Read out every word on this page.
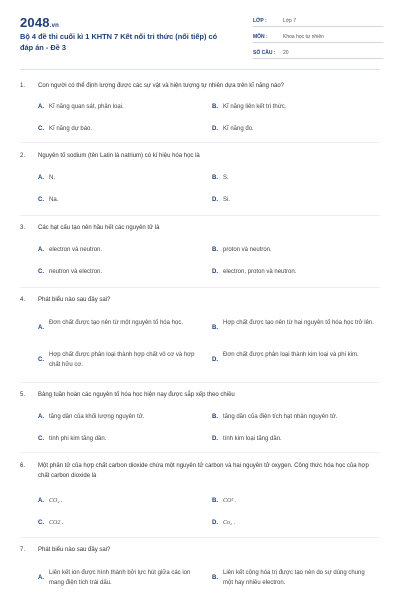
2048.vn
Bộ 4 đề thi cuối kì 1 KHTN 7 Kết nối tri thức (nối tiếp) có đáp án - Đề 3
LỚP :	Lớp 7
MÔN :	Khoa học tự nhiên
SỐ CÂU :	20
1.	Con người có thể định lượng được các sự vật và hiện tượng tự nhiên dựa trên kĩ năng nào?
A. Kĩ năng quan sát, phân loại.	B. Kĩ năng liên kết tri thức.
C. Kĩ năng dự báo.	D. Kĩ năng đo.
2.	Nguyên tố sodium (tên Latin là natrium) có kí hiệu hóa học là
A. N.	B. S.
C. Na.	D. Si.
3.	Các hạt cấu tạo nên hầu hết các nguyên tử là
A. electron và neutron.	B. proton và neutron.
C. neutron và electron.	D. electron, proton và neutron.
4.	Phát biểu nào sau đây sai?
A.
Đơn chất được tạo nên từ một nguyên tố hóa học.
B.
Hợp chất được tạo nên từ hai nguyên tố hóa học trở lên.
C.
Hợp chất được phân loại thành hợp chất vô cơ và hợp chất hữu cơ.
D.
Đơn chất được phân loại thành kim loại và phi kim.
5.	Bảng tuần hoàn các nguyên tố hóa học hiện nay được sắp xếp theo chiều
A. tăng dần của khối lượng nguyên tử.	B. tăng dần của điện tích hạt nhân nguyên tử.
C. tính phi kim tăng dần.	D. tính kim loại tăng dần.
6.	Một phân tử của hợp chất carbon dioxide chứa một nguyên tử carbon và hai nguyên tử oxygen. Công thức hóa học của hợp chất carbon dioxide là
A. CO₂ .	B. CO² .
C. CO2 .	D. Co₂ .
7.	Phát biểu nào sau đây sai?
A.
Liên kết ion được hình thành bởi lực hút giữa các ion mang điện tích trái dấu.
B.
Liên kết cộng hóa trị được tạo nên do sự dùng chung một hay nhiều electron.
